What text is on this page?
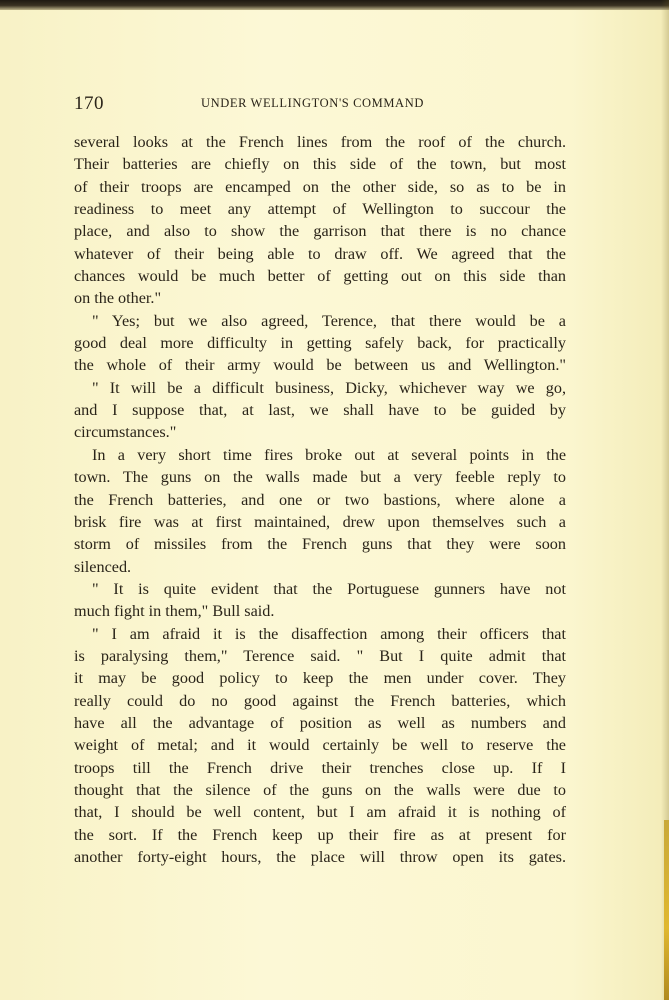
170	UNDER WELLINGTON'S COMMAND
several looks at the French lines from the roof of the church.
Their batteries are chiefly on this side of the town, but most
of their troops are encamped on the other side, so as to be in
readiness to meet any attempt of Wellington to succour the
place, and also to show the garrison that there is no chance
whatever of their being able to draw off. We agreed that the
chances would be much better of getting out on this side than
on the other."
" Yes; but we also agreed, Terence, that there would be a
good deal more difficulty in getting safely back, for practically
the whole of their army would be between us and Wellington."
" It will be a difficult business, Dicky, whichever way we go,
and I suppose that, at last, we shall have to be guided by
circumstances."
In a very short time fires broke out at several points in the
town. The guns on the walls made but a very feeble reply to
the French batteries, and one or two bastions, where alone a
brisk fire was at first maintained, drew upon themselves such a
storm of missiles from the French guns that they were soon
silenced.
" It is quite evident that the Portuguese gunners have not
much fight in them," Bull said.
" I am afraid it is the disaffection among their officers that
is paralysing them," Terence said. " But I quite admit that
it may be good policy to keep the men under cover. They
really could do no good against the French batteries, which
have all the advantage of position as well as numbers and
weight of metal; and it would certainly be well to reserve the
troops till the French drive their trenches close up. If I
thought that the silence of the guns on the walls were due to
that, I should be well content, but I am afraid it is nothing of
the sort. If the French keep up their fire as at present for
another forty-eight hours, the place will throw open its gates.
